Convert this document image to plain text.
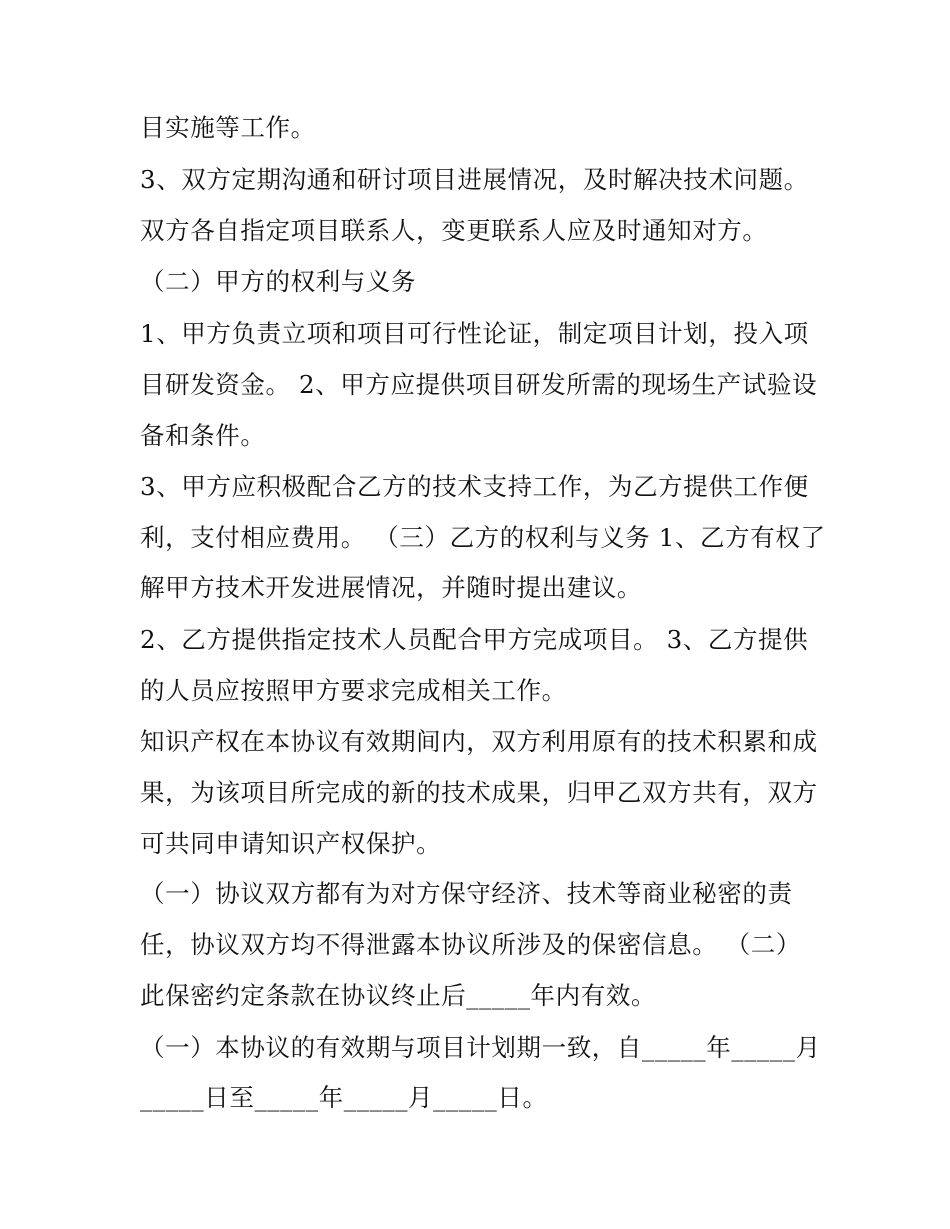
目实施等工作。
3、双方定期沟通和研讨项目进展情况，及时解决技术问题。
双方各自指定项目联系人，变更联系人应及时通知对方。
（二）甲方的权利与义务
1、甲方负责立项和项目可行性论证，制定项目计划，投入项
目研发资金。 2、甲方应提供项目研发所需的现场生产试验设
备和条件。
3、甲方应积极配合乙方的技术支持工作，为乙方提供工作便
利，支付相应费用。 （三）乙方的权利与义务 1、乙方有权了
解甲方技术开发进展情况，并随时提出建议。
2、乙方提供指定技术人员配合甲方完成项目。 3、乙方提供
的人员应按照甲方要求完成相关工作。
知识产权在本协议有效期间内，双方利用原有的技术积累和成
果，为该项目所完成的新的技术成果，归甲乙双方共有，双方
可共同申请知识产权保护。
（一）协议双方都有为对方保守经济、技术等商业秘密的责
任，协议双方均不得泄露本协议所涉及的保密信息。 （二）
此保密约定条款在协议终止后_____年内有效。
（一）本协议的有效期与项目计划期一致，自_____年_____月
_____日至_____年_____月_____日。
